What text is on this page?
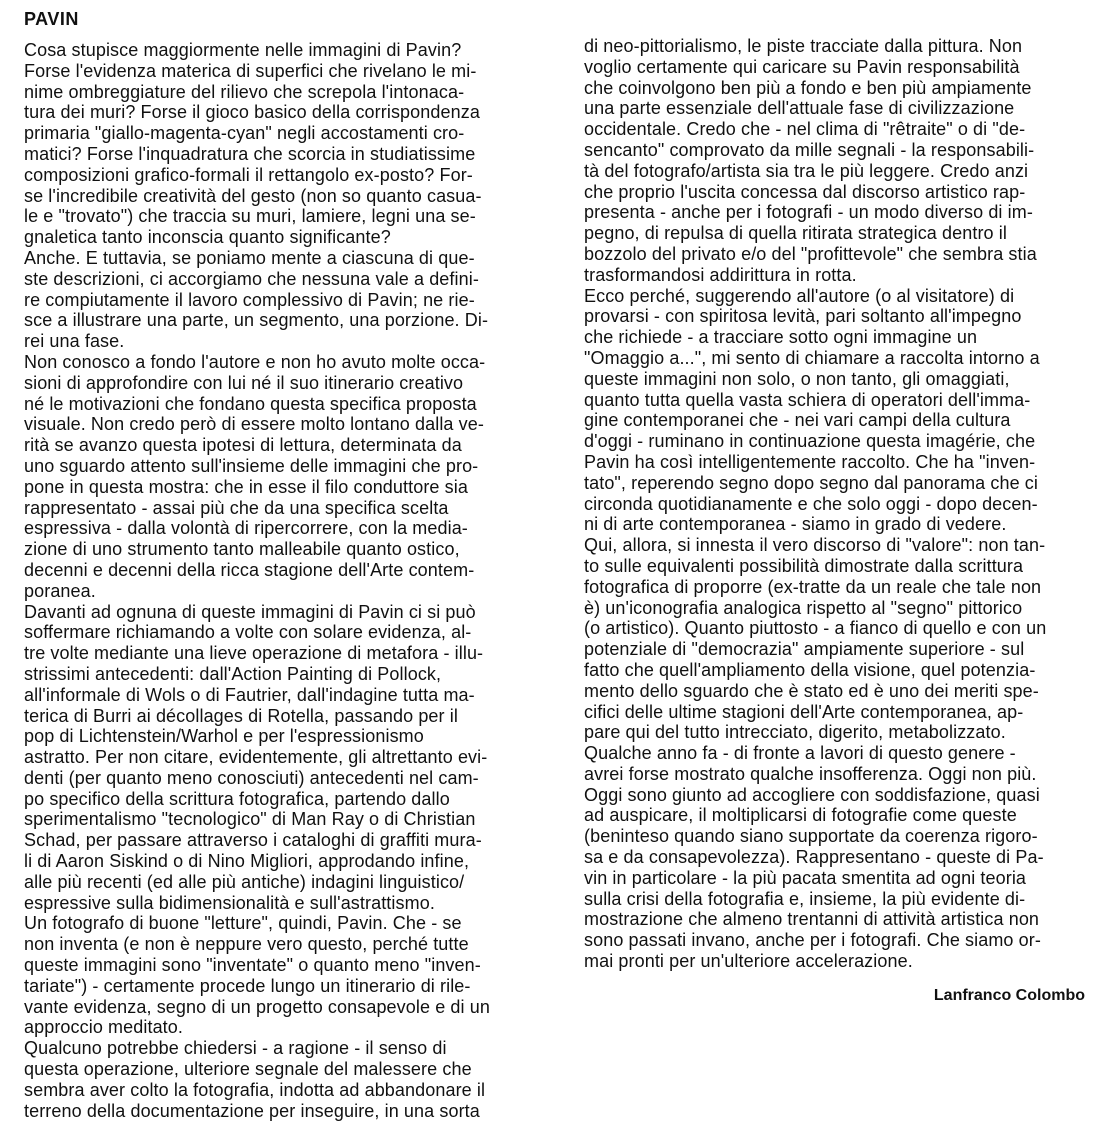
PAVIN

Cosa stupisce maggiormente nelle immagini di Pavin?
Forse l'evidenza materica di superfici che rivelano le mi-
nime ombreggiature del rilievo che screpola l'intonaca-
tura dei muri? Forse il gioco basico della corrispondenza
primaria "giallo-magenta-cyan" negli accostamenti cro-
matici? Forse l'inquadratura che scorcia in studiatissime
composizioni grafico-formali il rettangolo ex-posto? For-
se l'incredibile creatività del gesto (non so quanto casua-
le e "trovato") che traccia su muri, lamiere, legni una se-
gnaletica tanto inconscia quanto significante?

Anche. E tuttavia, se poniamo mente a ciascuna di que-
ste descrizioni, ci accorgiamo che nessuna vale a defini-
re compiutamente il lavoro complessivo di Pavin; ne rie-
sce a illustrare una parte, un segmento, una porzione. Di-
rei una fase.

Non conosco a fondo l'autore e non ho avuto molte occa-
sioni di approfondire con lui né il suo itinerario creativo
né le motivazioni che fondano questa specifica proposta
visuale. Non credo però di essere molto lontano dalla ve-
rità se avanzo questa ipotesi di lettura, determinata da
uno sguardo attento sull'insieme delle immagini che pro-
pone in questa mostra: che in esse il filo conduttore sia
rappresentato - assai più che da una specifica scelta
espressiva - dalla volontà di ripercorrere, con la media-
zione di uno strumento tanto malleabile quanto ostico,
decenni e decenni della ricca stagione dell'Arte contem-
poranea.

Davanti ad ognuna di queste immagini di Pavin ci si può
soffermare richiamando a volte con solare evidenza, al-
tre volte mediante una lieve operazione di metafora - illu-
strissimi antecedenti: dall'Action Painting di Pollock,
all'informale di Wols o di Fautrier, dall'indagine tutta ma-
terica di Burri ai décollages di Rotella, passando per il
pop di Lichtenstein/Warhol e per l'espressionismo
astratto. Per non citare, evidentemente, gli altrettanto evi-
denti (per quanto meno conosciuti) antecedenti nel cam-
po specifico della scrittura fotografica, partendo dallo
sperimentalismo "tecnologico" di Man Ray o di Christian
Schad, per passare attraverso i cataloghi di graffiti mura-
li di Aaron Siskind o di Nino Migliori, approdando infine,
alle più recenti (ed alle più antiche) indagini linguistico/
espressive sulla bidimensionalità e sull'astrattismo.

Un fotografo di buone "letture", quindi, Pavin. Che - se
non inventa (e non è neppure vero questo, perché tutte
queste immagini sono "inventate" o quanto meno "inven-
tariate") - certamente procede lungo un itinerario di rile-
vante evidenza, segno di un progetto consapevole e di un
approccio meditato.

Qualcuno potrebbe chiedersi - a ragione - il senso di
questa operazione, ulteriore segnale del malessere che
sembra aver colto la fotografia, indotta ad abbandonare il
terreno della documentazione per inseguire, in una sorta

di neo-pittorialismo, le piste tracciate dalla pittura. Non
voglio certamente qui caricare su Pavin responsabilità
che coinvolgono ben più a fondo e ben più ampiamente
una parte essenziale dell'attuale fase di civilizzazione
occidentale. Credo che - nel clima di "rêtraite" o di "de-
sencanto" comprovato da mille segnali - la responsabili-
tà del fotografo/artista sia tra le più leggere. Credo anzi
che proprio l'uscita concessa dal discorso artistico rap-
presenta - anche per i fotografi - un modo diverso di im-
pegno, di repulsa di quella ritirata strategica dentro il
bozzolo del privato e/o del "profittevole" che sembra stia
trasformandosi addirittura in rotta.

Ecco perché, suggerendo all'autore (o al visitatore) di
provarsi - con spiritosa levità, pari soltanto all'impegno
che richiede - a tracciare sotto ogni immagine un
"Omaggio a...", mi sento di chiamare a raccolta intorno a
queste immagini non solo, o non tanto, gli omaggiati,
quanto tutta quella vasta schiera di operatori dell'imma-
gine contemporanei che - nei vari campi della cultura
d'oggi - ruminano in continuazione questa imagérie, che
Pavin ha così intelligentemente raccolto. Che ha "inven-
tato", reperendo segno dopo segno dal panorama che ci
circonda quotidianamente e che solo oggi - dopo decen-
ni di arte contemporanea - siamo in grado di vedere.

Qui, allora, si innesta il vero discorso di "valore": non tan-
to sulle equivalenti possibilità dimostrate dalla scrittura
fotografica di proporre (ex-tratte da un reale che tale non
è) un'iconografia analogica rispetto al "segno" pittorico
(o artistico). Quanto piuttosto - a fianco di quello e con un
potenziale di "democrazia" ampiamente superiore - sul
fatto che quell'ampliamento della visione, quel potenzia-
mento dello sguardo che è stato ed è uno dei meriti spe-
cifici delle ultime stagioni dell'Arte contemporanea, ap-
pare qui del tutto intrecciato, digerito, metabolizzato.

Qualche anno fa - di fronte a lavori di questo genere -
avrei forse mostrato qualche insofferenza. Oggi non più.
Oggi sono giunto ad accogliere con soddisfazione, quasi
ad auspicare, il moltiplicarsi di fotografie come queste
(beninteso quando siano supportate da coerenza rigoro-
sa e da consapevolezza). Rappresentano - queste di Pa-
vin in particolare - la più pacata smentita ad ogni teoria
sulla crisi della fotografia e, insieme, la più evidente di-
mostrazione che almeno trentanni di attività artistica non
sono passati invano, anche per i fotografi. Che siamo or-
mai pronti per un'ulteriore accelerazione.

Lanfranco Colombo
